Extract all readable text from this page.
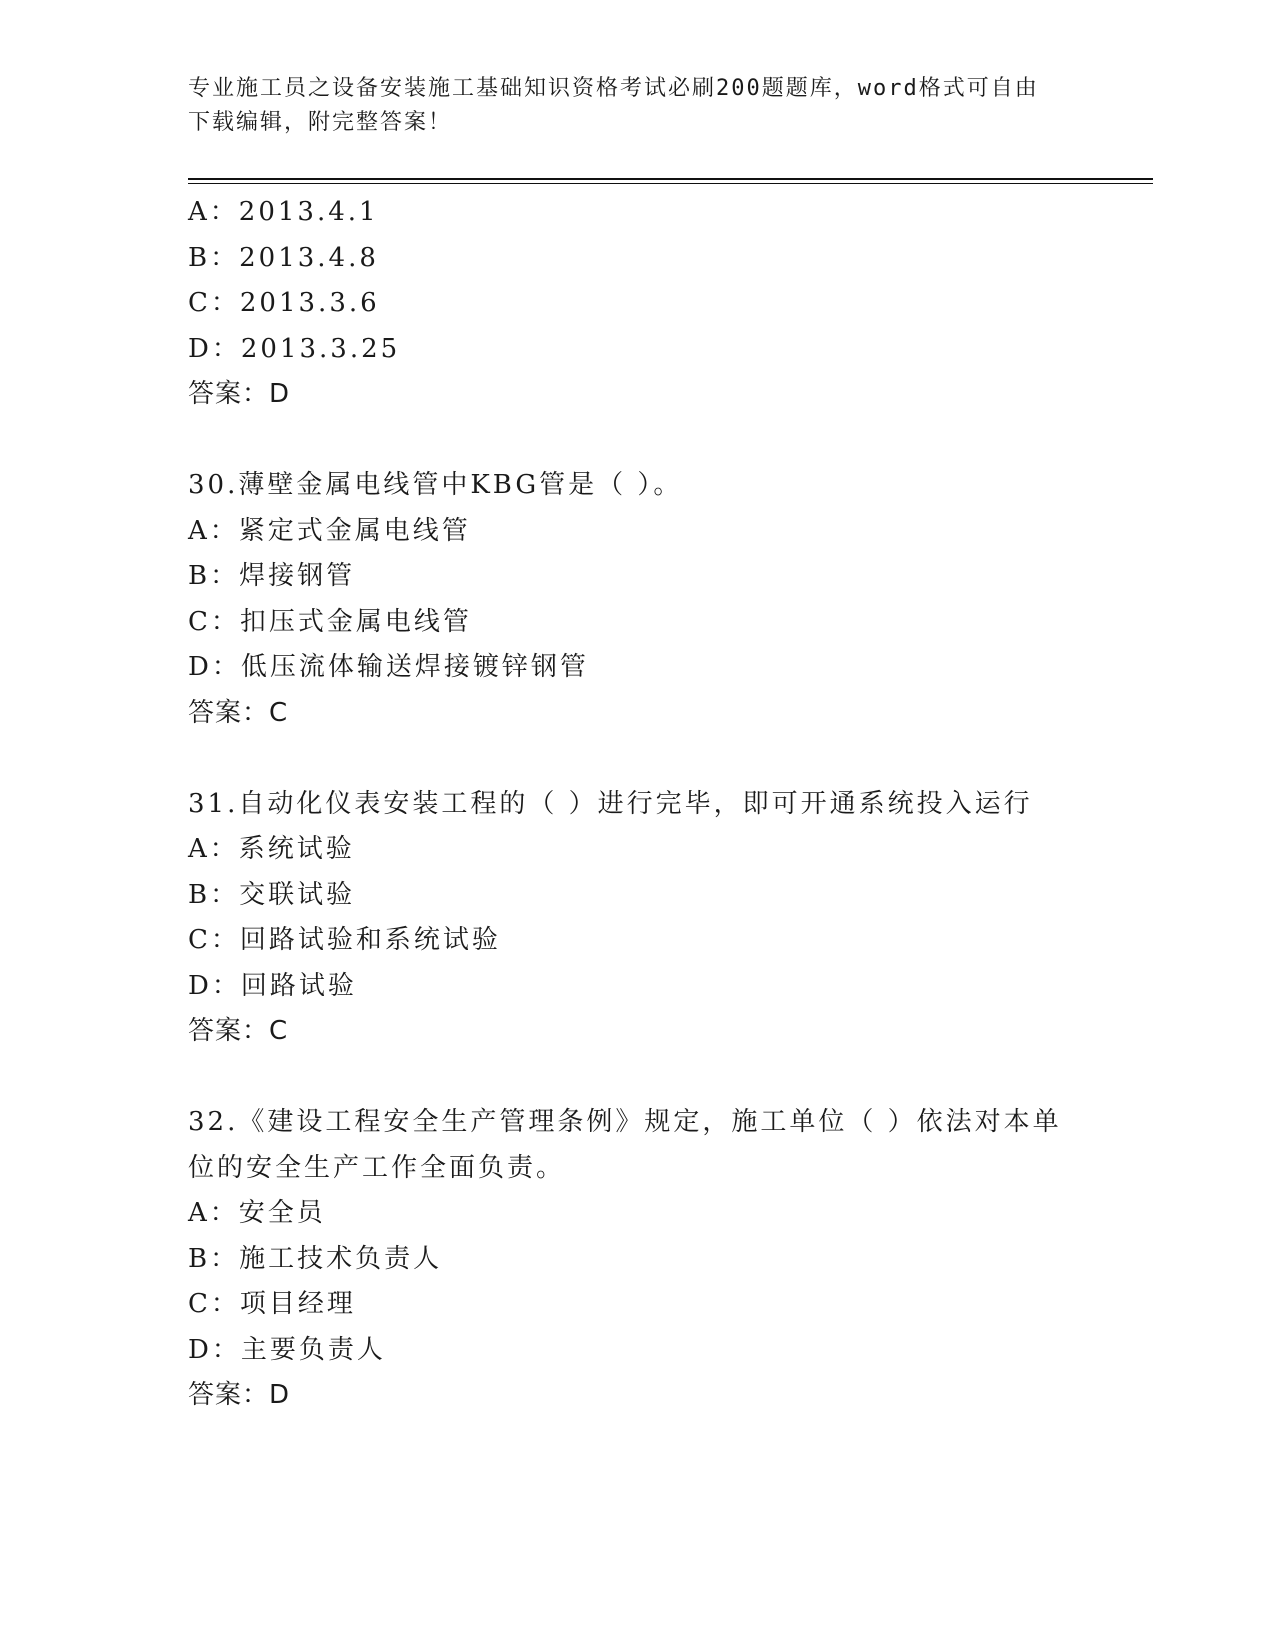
专业施工员之设备安装施工基础知识资格考试必刷200题题库，word格式可自由
下载编辑，附完整答案！
A：2013.4.1
B：2013.4.8
C：2013.3.6
D：2013.3.25
答案：D
30.薄壁金属电线管中KBG管是（ ）。
A：紧定式金属电线管
B：焊接钢管
C：扣压式金属电线管
D：低压流体输送焊接镀锌钢管
答案：C
31.自动化仪表安装工程的（ ）进行完毕，即可开通系统投入运行
A：系统试验
B：交联试验
C：回路试验和系统试验
D：回路试验
答案：C
32.《建设工程安全生产管理条例》规定，施工单位（ ）依法对本单
位的安全生产工作全面负责。
A：安全员
B：施工技术负责人
C：项目经理
D：主要负责人
答案：D
